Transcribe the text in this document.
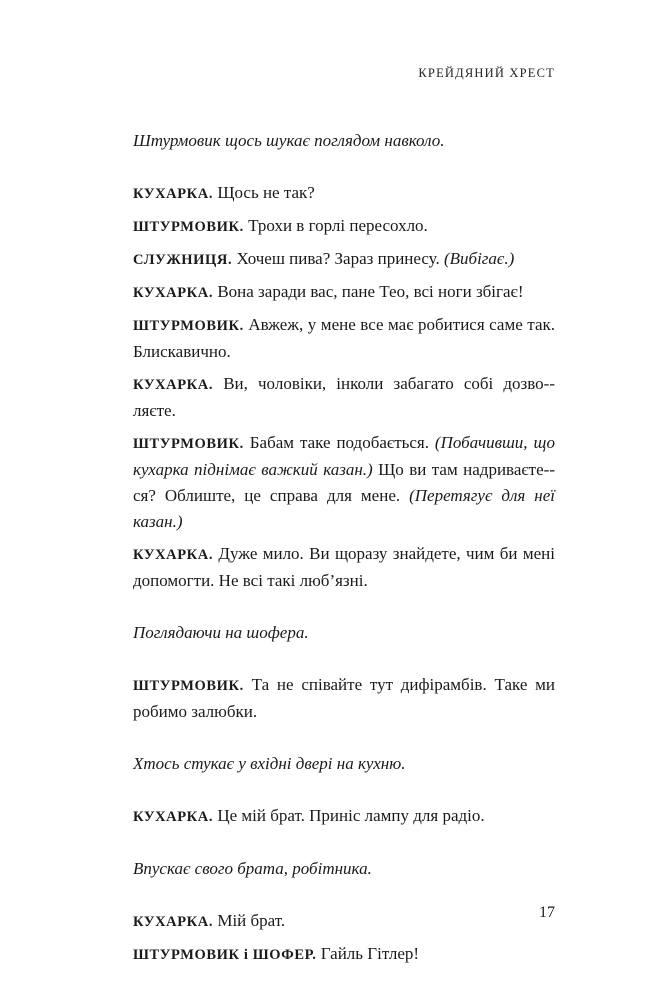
КРЕЙДЯНИЙ ХРЕСТ

Штурмовик щось шукає поглядом навколо.

КУХАРКА. Щось не так?

ШТУРМОВИК. Трохи в горлі пересохло.

СЛУЖНИЦЯ. Хочеш пива? Зараз принесу. (Вибігає.)

КУХАРКА. Вона заради вас, пане Тео, всі ноги збігає!

ШТУРМОВИК. Авжеж, у мене все має робитися саме так. Блискавично.

КУХАРКА. Ви, чоловіки, інколи забагато собі дозво-ляєте.

ШТУРМОВИК. Бабам таке подобається. (Побачивши, що кухарка піднімає важкий казан.) Що ви там надриваєте-ся? Облиште, це справа для мене. (Перетягує для неї казан.)

КУХАРКА. Дуже мило. Ви щоразу знайдете, чим би мені допомогти. Не всі такі люб’язні.

Поглядаючи на шофера.

ШТУРМОВИК. Та не співайте тут дифірамбів. Таке ми робимо залюбки.

Хтось стукає у вхідні двері на кухню.

КУХАРКА. Це мій брат. Приніс лампу для радіо.

Впускає свого брата, робітника.

КУХАРКА. Мій брат.

ШТУРМОВИК і ШОФЕР. Гайль Гітлер!

17
